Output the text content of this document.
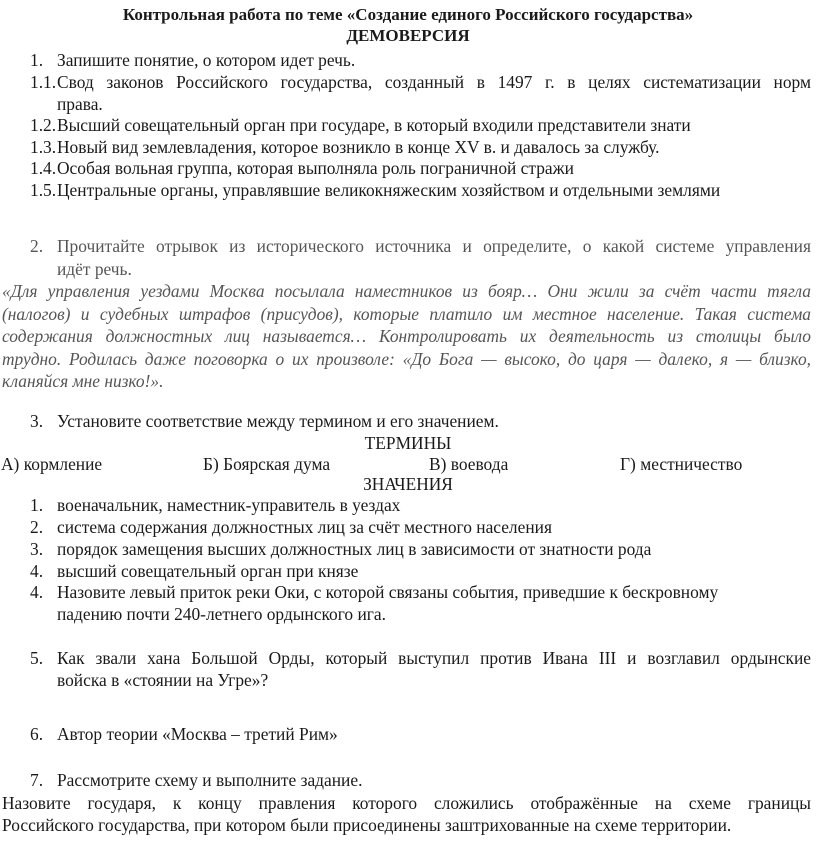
Контрольная работа по теме «Создание единого Российского государства»
ДЕМОВЕРСИЯ
1. Запишите понятие, о котором идет речь.
1.1. Свод законов Российского государства, созданный в 1497 г. в целях систематизации норм
права.
1.2. Высший совещательный орган при государе, в который входили представители знати
1.3. Новый вид землевладения, которое возникло в конце XV в. и давалось за службу.
1.4. Особая вольная группа, которая выполняла роль пограничной стражи
1.5. Центральные органы, управлявшие великокняжеским хозяйством и отдельными землями
2. Прочитайте отрывок из исторического источника и определите, о какой системе управления
идёт речь.
«Для управления уездами Москва посылала наместников из бояр… Они жили за счёт части тягла
(налогов) и судебных штрафов (присудов), которые платило им местное население. Такая система
содержания должностных лиц называется… Контролировать их деятельность из столицы было
трудно. Родилась даже поговорка о их произволе: «До Бога — высоко, до царя — далеко, я — близко,
кланяйся мне низко!».
3. Установите соответствие между термином и его значением.
ТЕРМИНЫ
А) кормление	Б) Боярская дума	В) воевода	Г) местничество
ЗНАЧЕНИЯ
1. военачальник, наместник-управитель в уездах
2. система содержания должностных лиц за счёт местного населения
3. порядок замещения высших должностных лиц в зависимости от знатности рода
4. высший совещательный орган при князе
4. Назовите левый приток реки Оки, с которой связаны события, приведшие к бескровному
падению почти 240-летнего ордынского ига.
5. Как звали хана Большой Орды, который выступил против Ивана III и возглавил ордынские
войска в «стоянии на Угре»?
6. Автор теории «Москва – третий Рим»
7. Рассмотрите схему и выполните задание.
Назовите государя, к концу правления которого сложились отображённые на схеме границы
Российского государства, при котором были присоединены заштрихованные на схеме территории.
